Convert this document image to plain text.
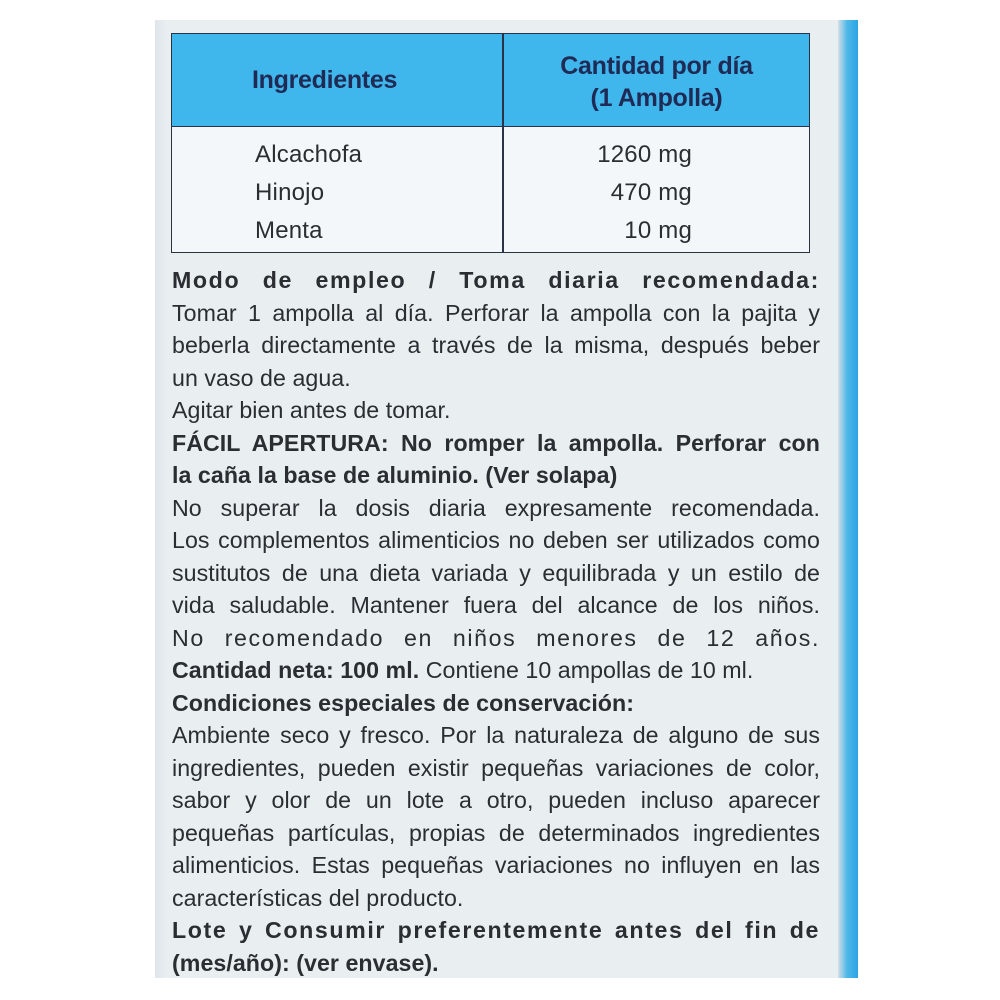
Ingredientes	Cantidad por día
(1 Ampolla)
Alcachofa
Hinojo
Menta
1260 mg
470 mg
10 mg
Modo de empleo / Toma diaria recomendada:
Tomar 1 ampolla al día. Perforar la ampolla con la pajita y
beberla directamente a través de la misma, después beber
un vaso de agua.
Agitar bien antes de tomar.
FÁCIL APERTURA: No romper la ampolla. Perforar con
la caña la base de aluminio. (Ver solapa)
No superar la dosis diaria expresamente recomendada.
Los complementos alimenticios no deben ser utilizados como
sustitutos de una dieta variada y equilibrada y un estilo de
vida saludable. Mantener fuera del alcance de los niños.
No recomendado en niños menores de 12 años.
Cantidad neta: 100 ml. Contiene 10 ampollas de 10 ml.
Condiciones especiales de conservación:
Ambiente seco y fresco. Por la naturaleza de alguno de sus
ingredientes, pueden existir pequeñas variaciones de color,
sabor y olor de un lote a otro, pueden incluso aparecer
pequeñas partículas, propias de determinados ingredientes
alimenticios. Estas pequeñas variaciones no influyen en las
características del producto.
Lote y Consumir preferentemente antes del fin de
(mes/año): (ver envase).
